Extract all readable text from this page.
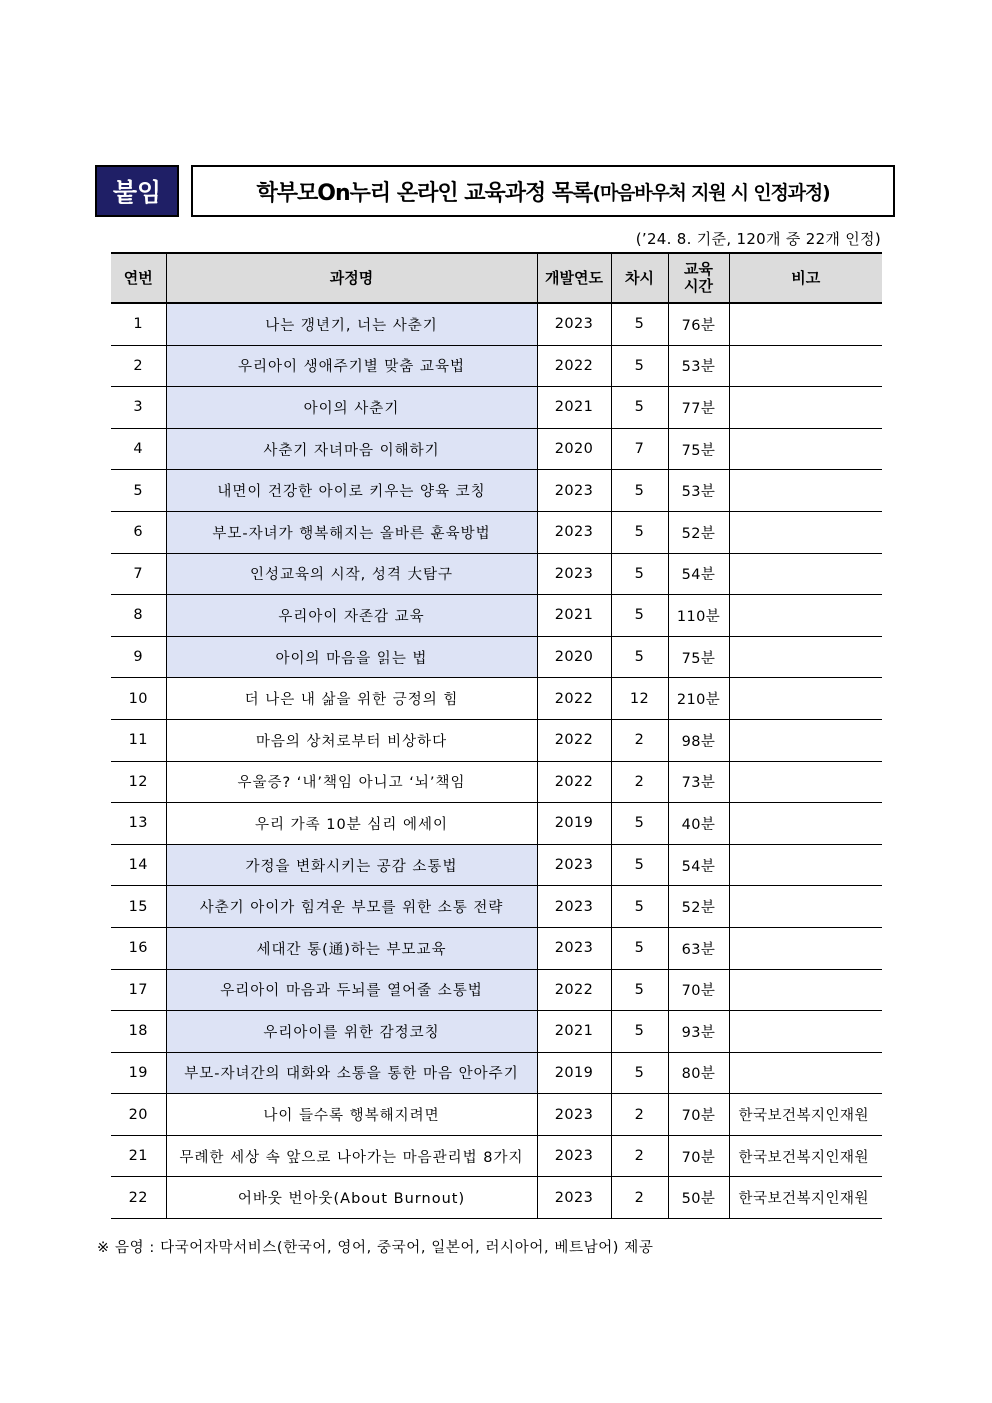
붙임	학부모On누리 온라인 교육과정 목록 (마음바우처 지원 시 인정과정)
(’24. 8. 기준, 120개 중 22개 인정)
연번	과정명	개발연도	차시	교육
시간	비고
1	나는 갱년기, 너는 사춘기	2023	5	76분	
2	우리아이 생애주기별 맞춤 교육법	2022	5	53분	
3	아이의 사춘기	2021	5	77분	
4	사춘기 자녀마음 이해하기	2020	7	75분	
5	내면이 건강한 아이로 키우는 양육 코칭	2023	5	53분	
6	부모-자녀가 행복해지는 올바른 훈육방법	2023	5	52분	
7	인성교육의 시작, 성격 大탐구	2023	5	54분	
8	우리아이 자존감 교육	2021	5	110분	
9	아이의 마음을 읽는 법	2020	5	75분	
10	더 나은 내 삶을 위한 긍정의 힘	2022	12	210분	
11	마음의 상처로부터 비상하다	2022	2	98분	
12	우울증? ‘내’책임 아니고 ‘뇌’책임	2022	2	73분	
13	우리 가족 10분 심리 에세이	2019	5	40분	
14	가정을 변화시키는 공감 소통법	2023	5	54분	
15	사춘기 아이가 힘겨운 부모를 위한 소통 전략	2023	5	52분	
16	세대간 통(通)하는 부모교육	2023	5	63분	
17	우리아이 마음과 두뇌를 열어줄 소통법	2022	5	70분	
18	우리아이를 위한 감정코칭	2021	5	93분	
19	부모-자녀간의 대화와 소통을 통한 마음 안아주기	2019	5	80분	
20	나이 들수록 행복해지려면	2023	2	70분	한국보건복지인재원
21	무례한 세상 속 앞으로 나아가는 마음관리법 8가지	2023	2	70분	한국보건복지인재원
22	어바웃 번아웃(About Burnout)	2023	2	50분	한국보건복지인재원
※ 음영 : 다국어자막서비스(한국어, 영어, 중국어, 일본어, 러시아어, 베트남어) 제공
